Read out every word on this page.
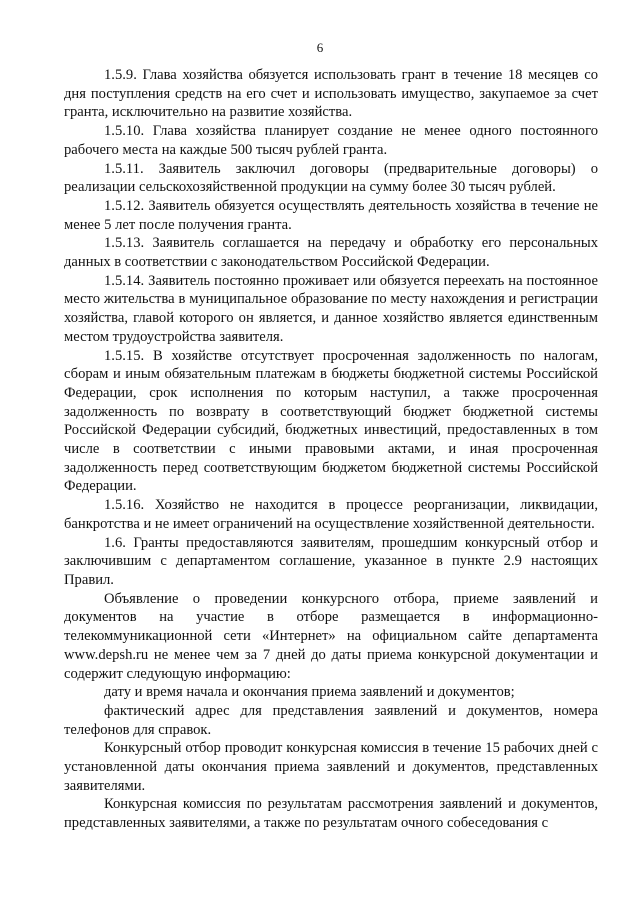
6

1.5.9. Глава хозяйства обязуется использовать грант в течение 18 месяцев со дня поступления средств на его счет и использовать имущество, закупаемое за счет гранта, исключительно на развитие хозяйства.

1.5.10. Глава хозяйства планирует создание не менее одного постоянного рабочего места на каждые 500 тысяч рублей гранта.

1.5.11. Заявитель заключил договоры (предварительные договоры) о реализации сельскохозяйственной продукции на сумму более 30 тысяч рублей.

1.5.12. Заявитель обязуется осуществлять деятельность хозяйства в течение не менее 5 лет после получения гранта.

1.5.13. Заявитель соглашается на передачу и обработку его персональных данных в соответствии с законодательством Российской Федерации.

1.5.14. Заявитель постоянно проживает или обязуется переехать на постоянное место жительства в муниципальное образование по месту нахождения и регистрации хозяйства, главой которого он является, и данное хозяйство является единственным местом трудоустройства заявителя.

1.5.15. В хозяйстве отсутствует просроченная задолженность по налогам, сборам и иным обязательным платежам в бюджеты бюджетной системы Российской Федерации, срок исполнения по которым наступил, а также просроченная задолженность по возврату в соответствующий бюджет бюджетной системы Российской Федерации субсидий, бюджетных инвестиций, предоставленных в том числе в соответствии с иными правовыми актами, и иная просроченная задолженность перед соответствующим бюджетом бюджетной системы Российской Федерации.

1.5.16. Хозяйство не находится в процессе реорганизации, ликвидации, банкротства и не имеет ограничений на осуществление хозяйственной деятельности.

1.6. Гранты предоставляются заявителям, прошедшим конкурсный отбор и заключившим с департаментом соглашение, указанное в пункте 2.9 настоящих Правил.

Объявление о проведении конкурсного отбора, приеме заявлений и документов на участие в отборе размещается в информационно-телекоммуникационной сети «Интернет» на официальном сайте департамента www.depsh.ru не менее чем за 7 дней до даты приема конкурсной документации и содержит следующую информацию:

дату и время начала и окончания приема заявлений и документов;

фактический адрес для представления заявлений и документов, номера телефонов для справок.

Конкурсный отбор проводит конкурсная комиссия в течение 15 рабочих дней с установленной даты окончания приема заявлений и документов, представленных заявителями.

Конкурсная комиссия по результатам рассмотрения заявлений и документов, представленных заявителями, а также по результатам очного собеседования с
